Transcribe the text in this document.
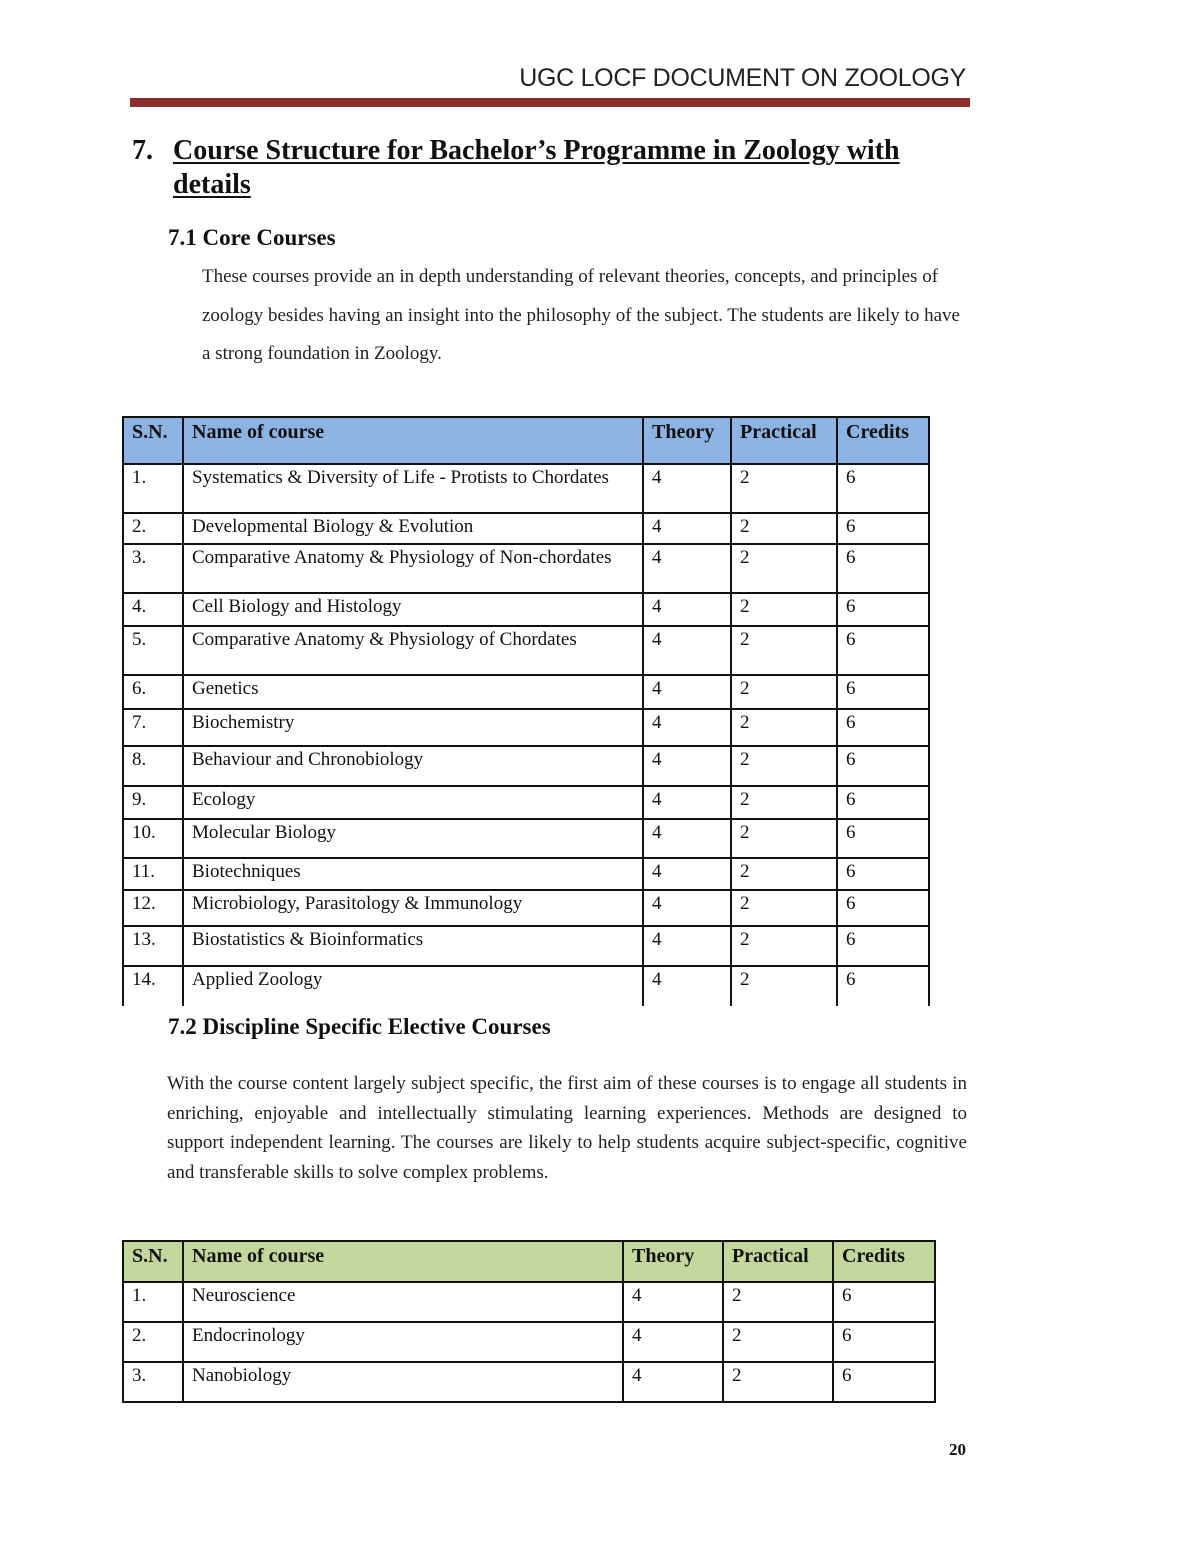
UGC LOCF DOCUMENT ON ZOOLOGY
7. Course Structure for Bachelor’s Programme in Zoology with details
7.1 Core Courses
These courses provide an in depth understanding of relevant theories, concepts, and principles of zoology besides having an insight into the philosophy of the subject. The students are likely to have a strong foundation in Zoology.
S.N.	Name of course	Theory	Practical	Credits
1.	Systematics & Diversity of Life - Protists to Chordates	4	2	6
2.	Developmental Biology & Evolution	4	2	6
3.	Comparative Anatomy & Physiology of Non-chordates	4	2	6
4.	Cell Biology and Histology	4	2	6
5.	Comparative Anatomy & Physiology of Chordates	4	2	6
6.	Genetics	4	2	6
7.	Biochemistry	4	2	6
8.	Behaviour and Chronobiology	4	2	6
9.	Ecology	4	2	6
10.	Molecular Biology	4	2	6
11.	Biotechniques	4	2	6
12.	Microbiology, Parasitology & Immunology	4	2	6
13.	Biostatistics & Bioinformatics	4	2	6
14.	Applied Zoology	4	2	6
7.2 Discipline Specific Elective Courses
With the course content largely subject specific, the first aim of these courses is to engage all students in enriching, enjoyable and intellectually stimulating learning experiences. Methods are designed to support independent learning. The courses are likely to help students acquire subject-specific, cognitive and transferable skills to solve complex problems.
S.N.	Name of course	Theory	Practical	Credits
1.	Neuroscience	4	2	6
2.	Endocrinology	4	2	6
3.	Nanobiology	4	2	6
20
